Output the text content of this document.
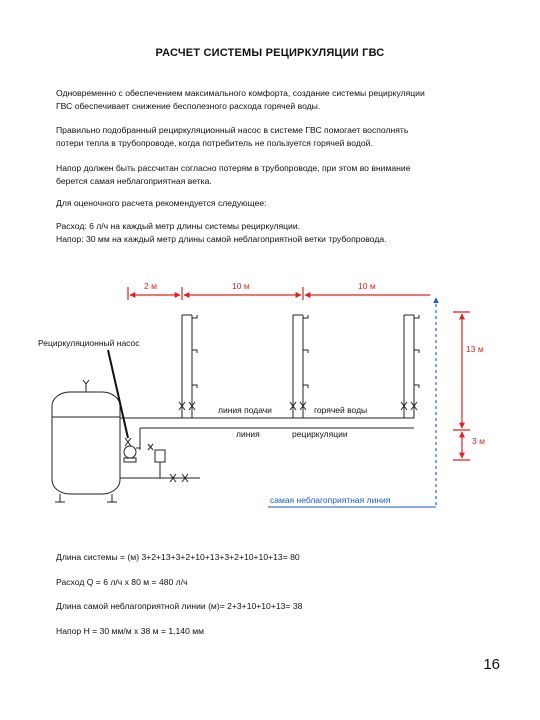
РАСЧЕТ СИСТЕМЫ РЕЦИРКУЛЯЦИИ ГВС
Одновременно с обеспечением максимального комфорта, создание системы рециркуляции
ГВС обеспечивает снижение бесполезного расхода горячей воды.
Правильно подобранный рециркуляционный насос в системе ГВС помогает восполнять
потери тепла в трубопроводе, когда потребитель не пользуется горячей водой.
Напор должен быть рассчитан согласно потерям в трубопроводе, при этом во внимание
берется самая неблагоприятная ветка.
Для оценочного расчета рекомендуется следующее:
Расход: 6 л/ч на каждый метр длины системы рециркуляции.
Напор: 30 мм на каждый метр длины самой неблагоприятной ветки трубопровода.
2 м	10 м	10 м
самая неблагоприятная линия
13 м
3 м
линия подачи	горячей воды
линия	рециркуляции
Рециркуляционный насос
Длина системы = (м) 3+2+13+3+2+10+13+3+2+10+10+13= 80
Расход Q = 6 л/ч х 80 м = 480 л/ч
Длина самой неблагоприятной линии (м)= 2+3+10+10+13= 38
Напор H = 30 мм/м х 38 м = 1,140 мм
16
